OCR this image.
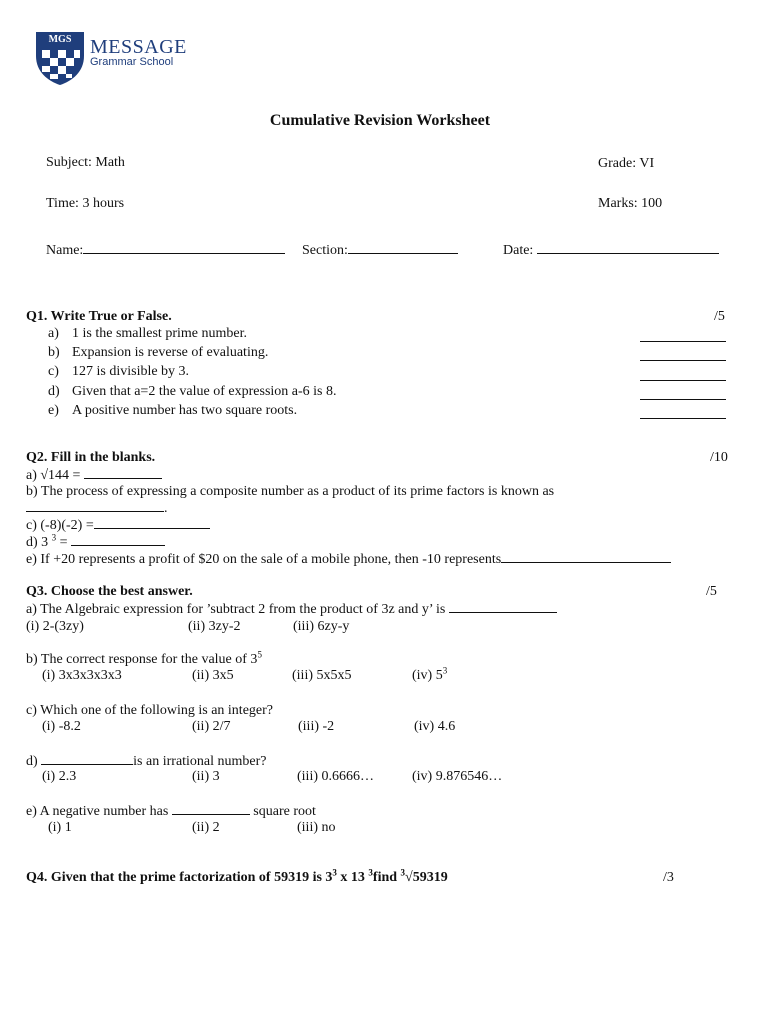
MGS MESSAGE
Grammar School
Cumulative Revision Worksheet
Subject: Math	Grade: VI
Time: 3 hours	Marks: 100
Name:	Section:	Date:
Q1. Write True or False.	/5
a) 1 is the smallest prime number.
b) Expansion is reverse of evaluating.
c) 127 is divisible by 3.
d) Given that a=2 the value of expression a-6 is 8.
e) A positive number has two square roots.
Q2. Fill in the blanks.	/10
a) √144 =
b) The process of expressing a composite number as a product of its prime factors is known as
.
c) (-8)(-2) =
d) 3 $^3$ =
e) If +20 represents a profit of $20 on the sale of a mobile phone, then -10 represents
Q3. Choose the best answer.	/5
a) The Algebraic expression for ’subtract 2 from the product of 3z and y’ is
(i) 2-(3zy)	(ii) 3zy-2	(iii) 6zy-y
b) The correct response for the value of $3^5$
(i) 3x3x3x3x3	(ii) 3x5	(iii) 5x5x5	(iv) $5^3$
c) Which one of the following is an integer?
(i) -8.2	(ii) 2/7	(iii) -2	(iv) 4.6
d)	is an irrational number?
(i) 2.3	(ii) 3	(iii) 0.6666…	(iv) 9.876546…
e) A negative number has	square root
(i) 1	(ii) 2	(iii) no
Q4. Given that the prime factorization of 59319 is $3^3$ x 13 $^3$find $^3$√59319	/3
